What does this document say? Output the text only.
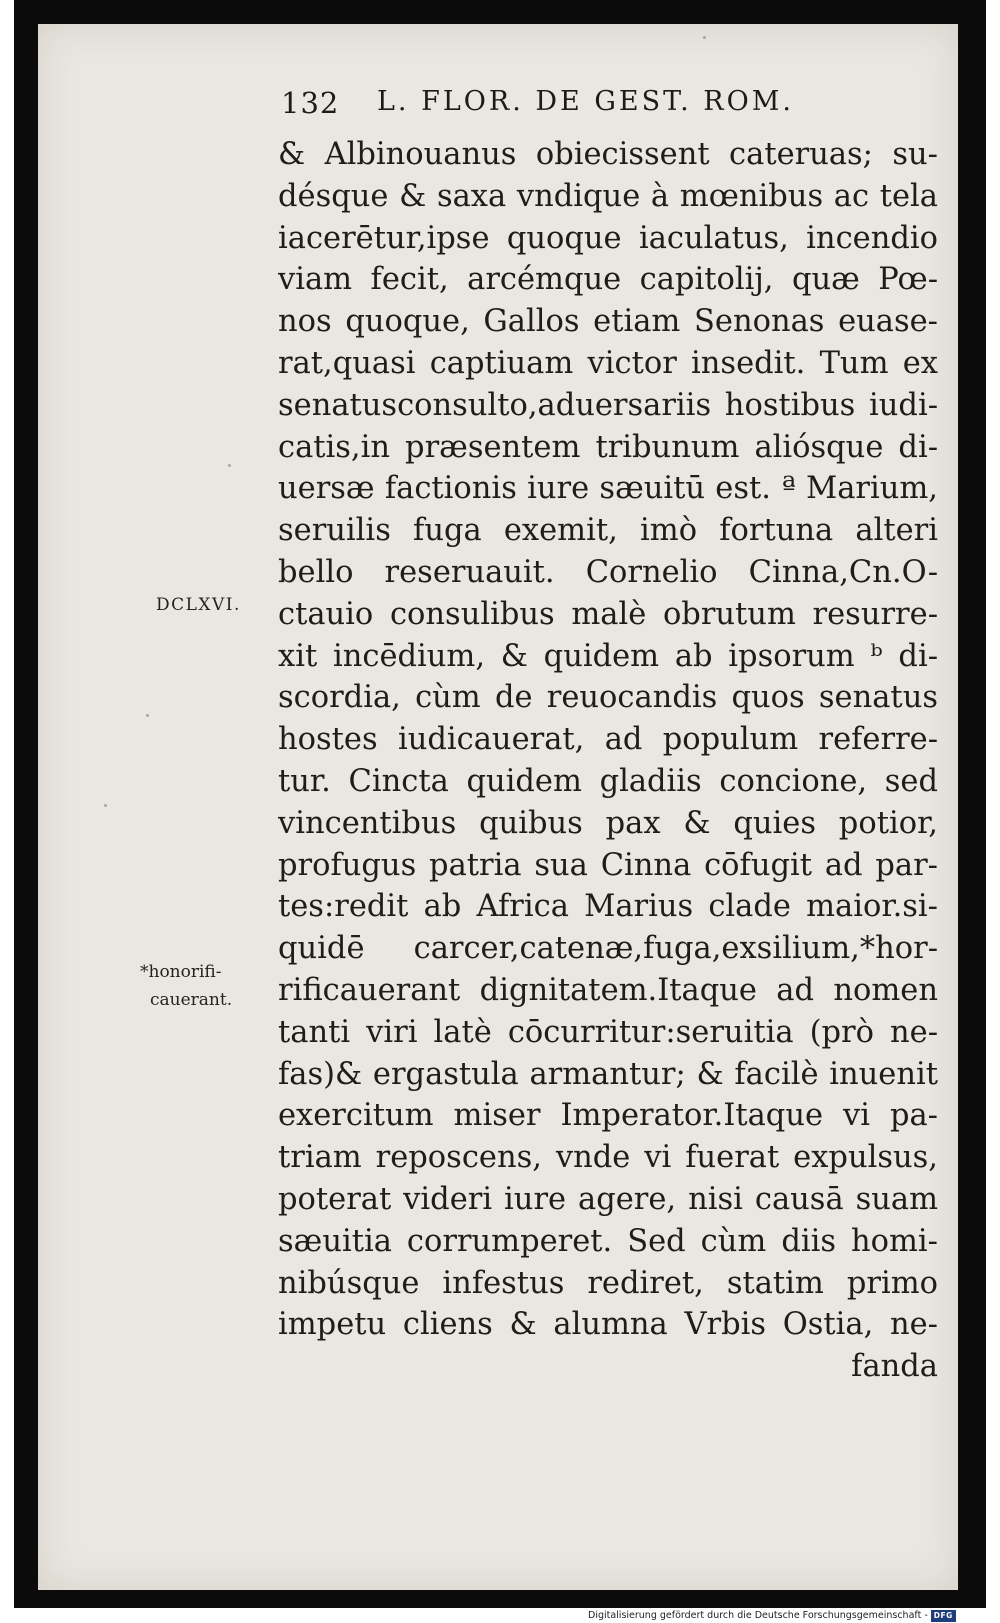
132 L. FLOR. DE GEST. ROM.
& Albinouanus obiecissent cateruas; su-
désque & saxa vndique à mœnibus ac tela
iacerētur,ipse quoque iaculatus, incendio
viam fecit, arcémque capitolij, quæ Pœ-
nos quoque, Gallos etiam Senonas euase-
rat,quasi captiuam victor insedit. Tum ex
senatusconsulto,aduersariis hostibus iudi-
catis,in præsentem tribunum aliósque di-
uersæ factionis iure sæuitū est. ª Marium,
seruilis fuga exemit, imò fortuna alteri
bello reseruauit. Cornelio Cinna,Cn.O-
ctauio consulibus malè obrutum resurre-
xit incēdium, & quidem ab ipsorum ᵇ di-
scordia, cùm de reuocandis quos senatus
hostes iudicauerat, ad populum referre-
tur. Cincta quidem gladiis concione, sed
vincentibus quibus pax & quies potior,
profugus patria sua Cinna cōfugit ad par-
tes:redit ab Africa Marius clade maior.si-
quidē carcer,catenæ,fuga,exsilium,*hor-
rificauerant dignitatem.Itaque ad nomen
tanti viri latè cōcurritur:seruitia (prò ne-
fas)& ergastula armantur; & facilè inuenit
exercitum miser Imperator.Itaque vi pa-
triam reposcens, vnde vi fuerat expulsus,
poterat videri iure agere, nisi causā suam
sæuitia corrumperet. Sed cùm diis homi-
nibúsque infestus rediret, statim primo
impetu cliens & alumna Vrbis Ostia, ne-
fanda
DCLXVI.
*honorifi-
cauerant.
Digitalisierung gefördert durch die Deutsche Forschungsgemeinschaft - DFG
